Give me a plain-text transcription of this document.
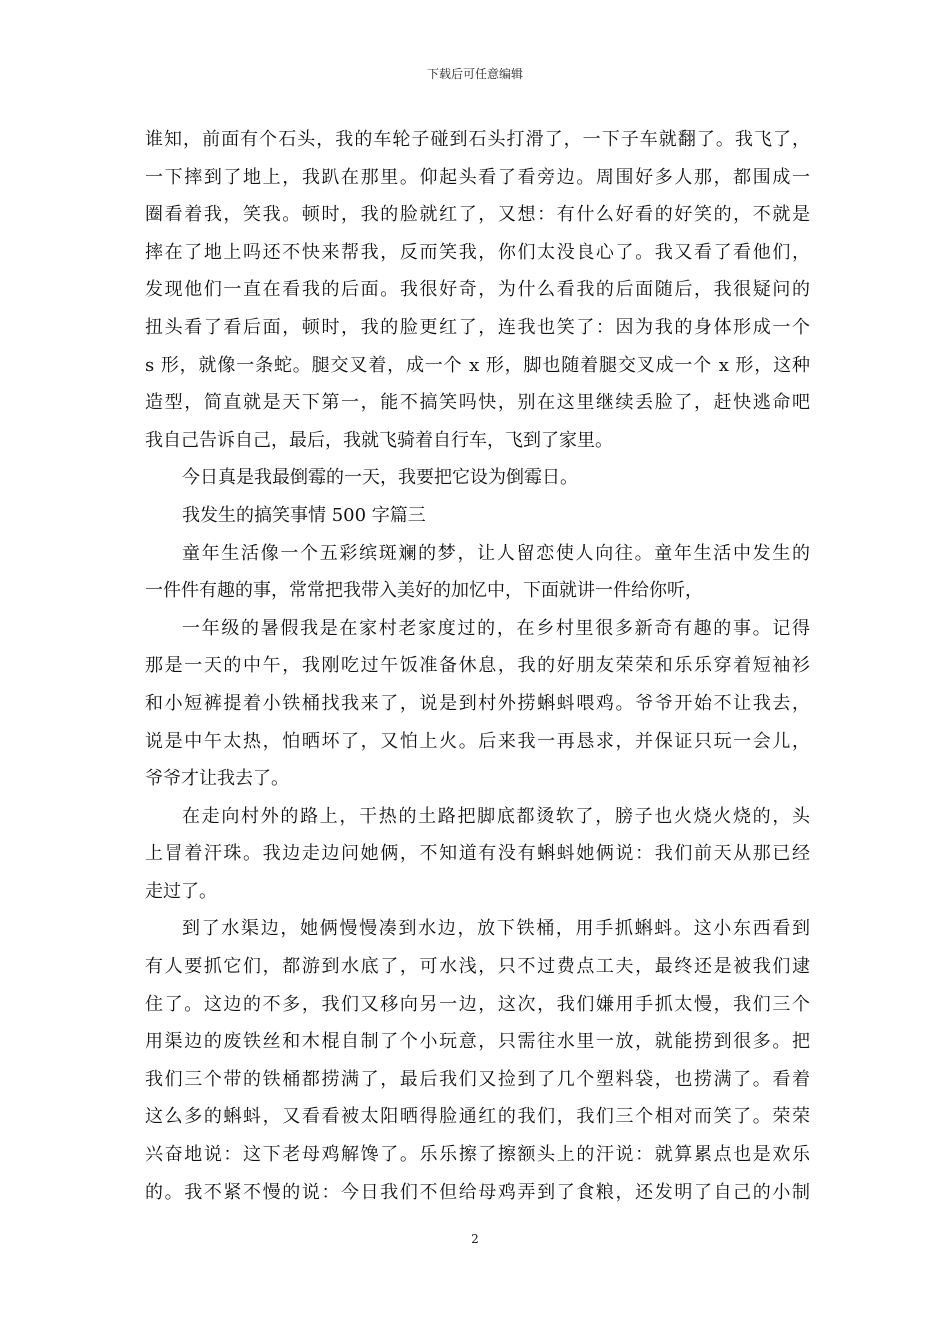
下载后可任意编辑
谁知，前面有个石头，我的车轮子碰到石头打滑了，一下子车就翻了。我飞了，
一下摔到了地上，我趴在那里。仰起头看了看旁边。周围好多人那，都围成一
圈看着我，笑我。顿时，我的脸就红了，又想：有什么好看的好笑的，不就是
摔在了地上吗还不快来帮我，反而笑我，你们太没良心了。我又看了看他们，
发现他们一直在看我的后面。我很好奇，为什么看我的后面随后，我很疑问的
扭头看了看后面，顿时，我的脸更红了，连我也笑了：因为我的身体形成一个
s 形，就像一条蛇。腿交叉着，成一个 x 形，脚也随着腿交叉成一个 x 形，这种
造型，简直就是天下第一，能不搞笑吗快，别在这里继续丢脸了，赶快逃命吧
我自己告诉自己，最后，我就飞骑着自行车，飞到了家里。
今日真是我最倒霉的一天，我要把它设为倒霉日。
我发生的搞笑事情 500 字篇三
童年生活像一个五彩缤斑斓的梦，让人留恋使人向往。童年生活中发生的
一件件有趣的事，常常把我带入美好的加忆中，下面就讲一件给你听，
一年级的暑假我是在家村老家度过的，在乡村里很多新奇有趣的事。记得
那是一天的中午，我刚吃过午饭准备休息，我的好朋友荣荣和乐乐穿着短袖衫
和小短裤提着小铁桶找我来了，说是到村外捞蝌蚪喂鸡。爷爷开始不让我去，
说是中午太热，怕晒坏了，又怕上火。后来我一再恳求，并保证只玩一会儿，
爷爷才让我去了。
在走向村外的路上，干热的土路把脚底都烫软了，膀子也火烧火烧的，头
上冒着汗珠。我边走边问她俩，不知道有没有蝌蚪她俩说：我们前天从那已经
走过了。
到了水渠边，她俩慢慢凑到水边，放下铁桶，用手抓蝌蚪。这小东西看到
有人要抓它们，都游到水底了，可水浅，只不过费点工夫，最终还是被我们逮
住了。这边的不多，我们又移向另一边，这次，我们嫌用手抓太慢，我们三个
用渠边的废铁丝和木棍自制了个小玩意，只需往水里一放，就能捞到很多。把
我们三个带的铁桶都捞满了，最后我们又捡到了几个塑料袋，也捞满了。看着
这么多的蝌蚪，又看看被太阳晒得脸通红的我们，我们三个相对而笑了。荣荣
兴奋地说：这下老母鸡解馋了。乐乐擦了擦额头上的汗说：就算累点也是欢乐
的。我不紧不慢的说：今日我们不但给母鸡弄到了食粮，还发明了自己的小制
2
